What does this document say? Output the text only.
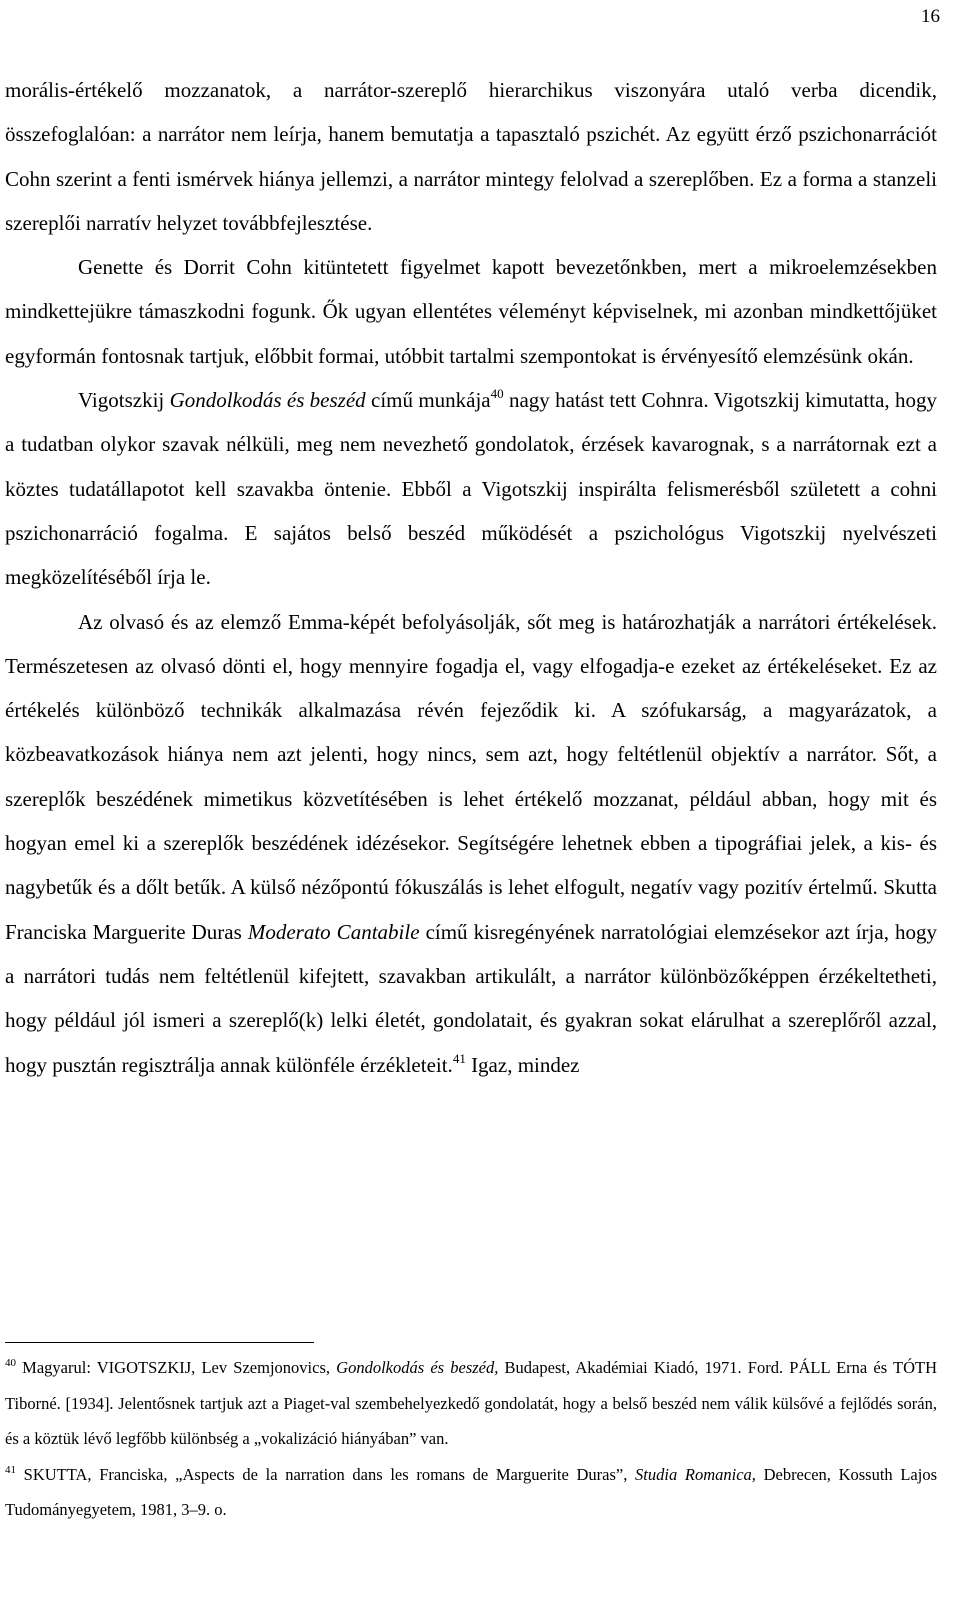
16

morális-értékelő mozzanatok, a narrátor-szereplő hierarchikus viszonyára utaló verba dicendik, összefoglalóan: a narrátor nem leírja, hanem bemutatja a tapasztaló pszichét. Az együtt érző pszichonarrációt Cohn szerint a fenti ismérvek hiánya jellemzi, a narrátor mintegy felolvad a szereplőben. Ez a forma a stanzeli szereplői narratív helyzet továbbfejlesztése.

Genette és Dorrit Cohn kitüntetett figyelmet kapott bevezetőnkben, mert a mikroelemzésekben mindkettejükre támaszkodni fogunk. Ők ugyan ellentétes véleményt képviselnek, mi azonban mindkettőjüket egyformán fontosnak tartjuk, előbbit formai, utóbbit tartalmi szempontokat is érvényesítő elemzésünk okán.

Vigotszkij Gondolkodás és beszéd című munkája$^{40}$ nagy hatást tett Cohnra. Vigotszkij kimutatta, hogy a tudatban olykor szavak nélküli, meg nem nevezhető gondolatok, érzések kavarognak, s a narrátornak ezt a köztes tudatállapotot kell szavakba öntenie. Ebből a Vigotszkij inspirálta felismerésből született a cohni pszichonarráció fogalma. E sajátos belső beszéd működését a pszichológus Vigotszkij nyelvészeti megközelítéséből írja le.

Az olvasó és az elemző Emma-képét befolyásolják, sőt meg is határozhatják a narrátori értékelések. Természetesen az olvasó dönti el, hogy mennyire fogadja el, vagy elfogadja-e ezeket az értékeléseket. Ez az értékelés különböző technikák alkalmazása révén fejeződik ki. A szófukarság, a magyarázatok, a közbeavatkozások hiánya nem azt jelenti, hogy nincs, sem azt, hogy feltétlenül objektív a narrátor. Sőt, a szereplők beszédének mimetikus közvetítésében is lehet értékelő mozzanat, például abban, hogy mit és hogyan emel ki a szereplők beszédének idézésekor. Segítségére lehetnek ebben a tipográfiai jelek, a kis- és nagybetűk és a dőlt betűk. A külső nézőpontú fókuszálás is lehet elfogult, negatív vagy pozitív értelmű. Skutta Franciska Marguerite Duras Moderato Cantabile című kisregényének narratológiai elemzésekor azt írja, hogy a narrátori tudás nem feltétlenül kifejtett, szavakban artikulált, a narrátor különbözőképpen érzékeltetheti, hogy például jól ismeri a szereplő(k) lelki életét, gondolatait, és gyakran sokat elárulhat a szereplőről azzal, hogy pusztán regisztrálja annak különféle érzékleteit.$^{41}$ Igaz, mindez

$^{40}$ Magyarul: VIGOTSZKIJ, Lev Szemjonovics, Gondolkodás és beszéd, Budapest, Akadémiai Kiadó, 1971. Ford. PÁLL Erna és TÓTH Tiborné. [1934]. Jelentősnek tartjuk azt a Piaget-val szembehelyezkedő gondolatát, hogy a belső beszéd nem válik külsővé a fejlődés során, és a köztük lévő legfőbb különbség a „vokalizáció hiányában” van.

$^{41}$ SKUTTA, Franciska, „Aspects de la narration dans les romans de Marguerite Duras”, Studia Romanica, Debrecen, Kossuth Lajos Tudományegyetem, 1981, 3–9. o.
